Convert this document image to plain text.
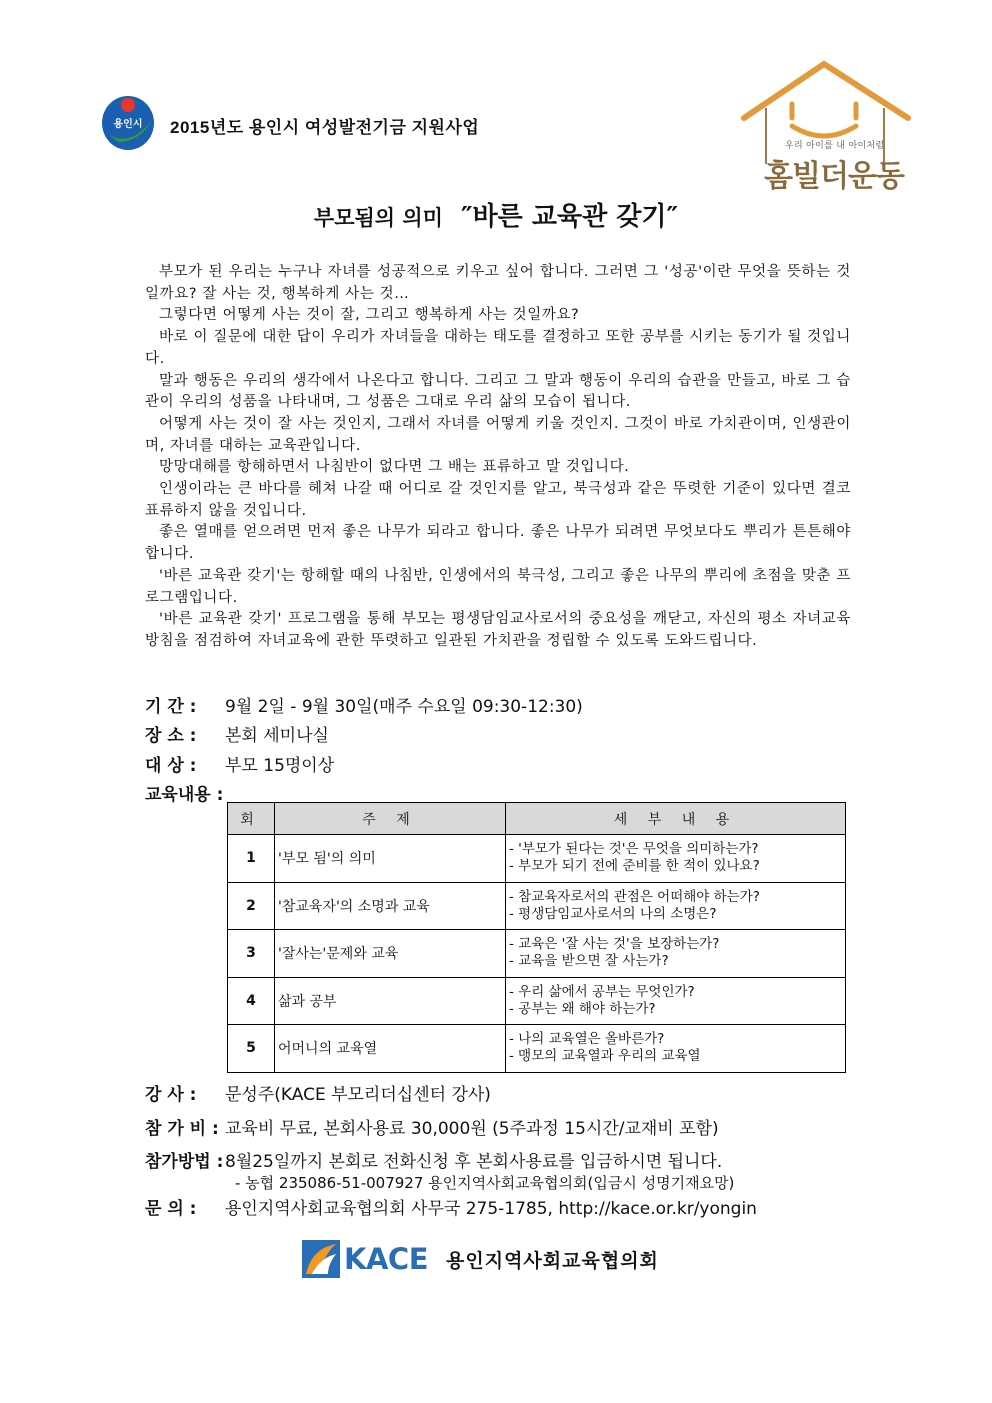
용인시 2015년도 용인시 여성발전기금 지원사업
우리 아이를 내 아이처럼
홈빌더운동
부모됨의 의미 ″바른 교육관 갖기″

부모가 된 우리는 누구나 자녀를 성공적으로 키우고 싶어 합니다. 그러면 그 '성공'이란 무엇을 뜻하는 것일까요? 잘 사는 것, 행복하게 사는 것…

그렇다면 어떻게 사는 것이 잘, 그리고 행복하게 사는 것일까요?

바로 이 질문에 대한 답이 우리가 자녀들을 대하는 태도를 결정하고 또한 공부를 시키는 동기가 될 것입니다.

말과 행동은 우리의 생각에서 나온다고 합니다. 그리고 그 말과 행동이 우리의 습관을 만들고, 바로 그 습관이 우리의 성품을 나타내며, 그 성품은 그대로 우리 삶의 모습이 됩니다.

어떻게 사는 것이 잘 사는 것인지, 그래서 자녀를 어떻게 키울 것인지. 그것이 바로 가치관이며, 인생관이며, 자녀를 대하는 교육관입니다.

망망대해를 항해하면서 나침반이 없다면 그 배는 표류하고 말 것입니다.

인생이라는 큰 바다를 헤쳐 나갈 때 어디로 갈 것인지를 알고, 북극성과 같은 뚜렷한 기준이 있다면 결코 표류하지 않을 것입니다.

좋은 열매를 얻으려면 먼저 좋은 나무가 되라고 합니다. 좋은 나무가 되려면 무엇보다도 뿌리가 튼튼해야 합니다.

'바른 교육관 갖기'는 항해할 때의 나침반, 인생에서의 북극성, 그리고 좋은 나무의 뿌리에 초점을 맞춘 프로그램입니다.

'바른 교육관 갖기' 프로그램을 통해 부모는 평생담임교사로서의 중요성을 깨닫고, 자신의 평소 자녀교육 방침을 점검하여 자녀교육에 관한 뚜렷하고 일관된 가치관을 정립할 수 있도록 도와드립니다.

기 간 : 9월 2일 - 9월 30일(매주 수요일 09:30-12:30)
장 소 : 본회 세미나실
대 상 : 부모 15명이상
교육내용 :
회	주 제	세 부 내 용
1	'부모 됨'의 의미	- '부모가 된다는 것'은 무엇을 의미하는가?
- 부모가 되기 전에 준비를 한 적이 있나요?

2	'참교육자'의 소명과 교육	- 참교육자로서의 관점은 어떠해야 하는가?
- 평생담임교사로서의 나의 소명은?

3	'잘사는'문제와 교육	- 교육은 '잘 사는 것'을 보장하는가?
- 교육을 받으면 잘 사는가?

4	삶과 공부	- 우리 삶에서 공부는 무엇인가?
- 공부는 왜 해야 하는가?

5	어머니의 교육열	- 나의 교육열은 올바른가?
- 맹모의 교육열과 우리의 교육열
강 사 : 문성주(KACE 부모리더십센터 강사)
참 가 비 : 교육비 무료, 본회사용료 30,000원 (5주과정 15시간/교재비 포함)
참가방법 :8월25일까지 본회로 전화신청 후 본회사용료를 입금하시면 됩니다.
- 농협 235086-51-007927 용인지역사회교육협의회(입금시 성명기재요망)
문 의 : 용인지역사회교육협의회 사무국 275-1785, http://kace.or.kr/yongin
KACE 용인지역사회교육협의회
